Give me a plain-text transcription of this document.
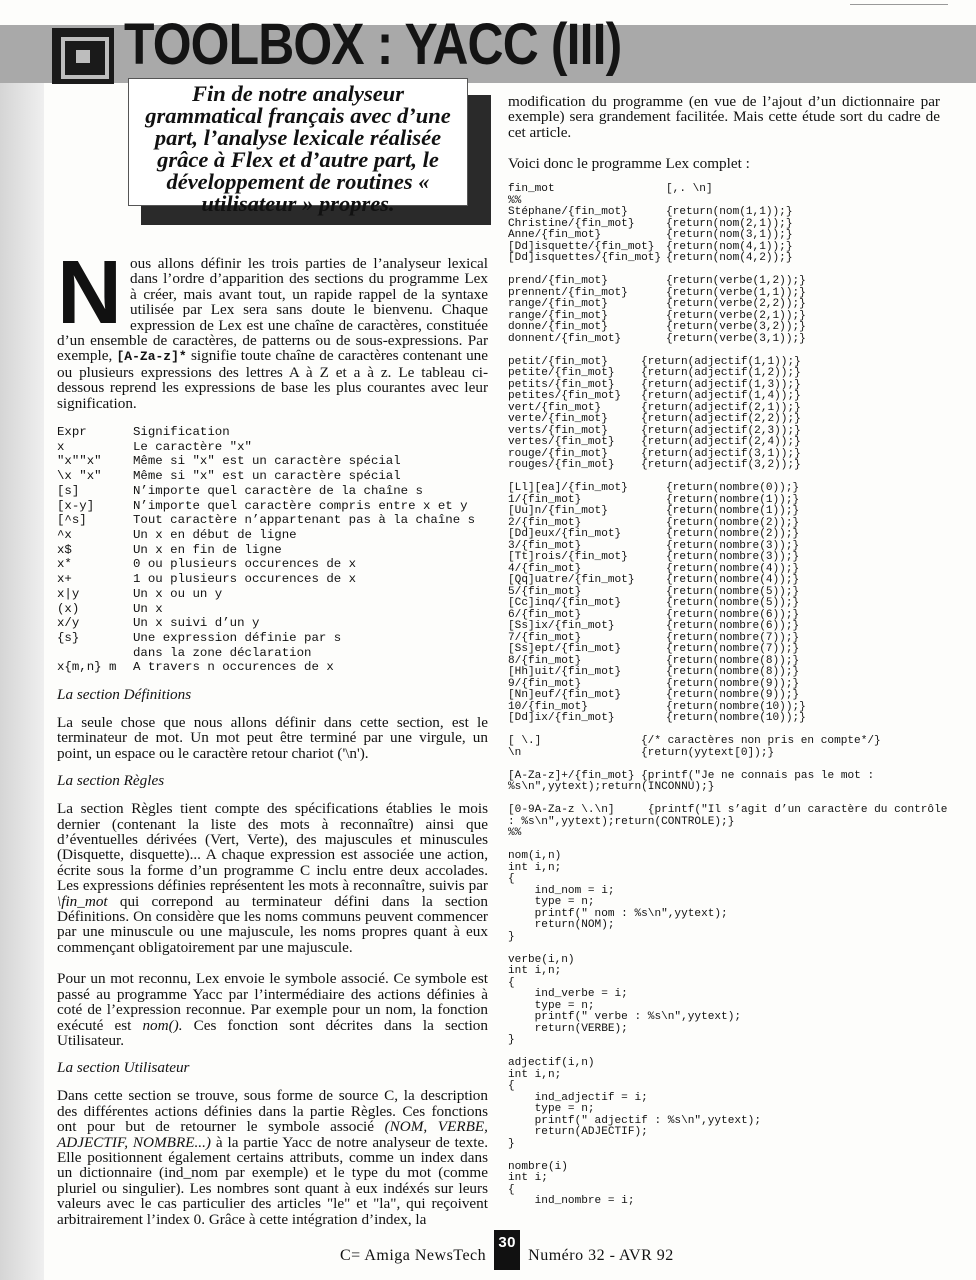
TOOLBOX : YACC (III)
Fin de notre analyseur grammatical français avec d’une part, l’analyse lexicale réalisée grâce à Flex et d’autre part, le développement de routines « utilisateur » propres.

Nous allons définir les trois parties de l’analyseur lexical dans l’ordre d’apparition des sections du programme Lex à créer, mais avant tout, un rapide rappel de la syntaxe utilisée par Lex sera sans doute le bienvenu. Chaque expression de Lex est une chaîne de caractères, constituée d’un ensemble de caractères, de patterns ou de sous-expressions. Par exemple, [A-Za-z]* signifie toute chaîne de caractères contenant une ou plusieurs expressions des lettres A à Z et a à z. Le tableau ci-dessous reprend les expressions de base les plus courantes avec leur signification.

Expr	Signification
x	Le caractère "x"
"x""x"	Même si "x" est un caractère spécial
\x "x"	Même si "x" est un caractère spécial
[s]	N’importe quel caractère de la chaîne s
[x-y]	N’importe quel caractère compris entre x et y
[^s]	Tout caractère n’appartenant pas à la chaîne s
^x	Un x en début de ligne
x$	Un x en fin de ligne
x*	0 ou plusieurs occurences de x
x+	1 ou plusieurs occurences de x
x|y	Un x ou un y
(x)	Un x
x/y	Un x suivi d’un y
{s}	Une expression définie par s
dans la zone déclaration
x{m,n} m	A travers n occurences de x
La section Définitions

La seule chose que nous allons définir dans cette section, est le terminateur de mot. Un mot peut être terminé par une virgule, un point, un espace ou le caractère retour chariot ('\n').

La section Règles

La section Règles tient compte des spécifications établies le mois dernier (contenant la liste des mots à reconnaître) ainsi que d’éventuelles dérivées (Vert, Verte), des majuscules et minuscules (Disquette, disquette)... A chaque expression est associée une action, écrite sous la forme d’un programme C inclu entre deux accolades. Les expressions définies représentent les mots à reconnaître, suivis par \fin_mot qui correpond au terminateur défini dans la section Définitions. On considère que les noms communs peuvent commencer par une minuscule ou une majuscule, les noms propres quant à eux commençant obligatoirement par une majuscule.

Pour un mot reconnu, Lex envoie le symbole associé. Ce symbole est passé au programme Yacc par l’intermédiaire des actions définies à coté de l’expression reconnue. Par exemple pour un nom, la fonction exécuté est nom(). Ces fonction sont décrites dans la section Utilisateur.

La section Utilisateur

Dans cette section se trouve, sous forme de source C, la description des différentes actions définies dans la partie Règles. Ces fonctions ont pour but de retourner le symbole associé (NOM, VERBE, ADJECTIF, NOMBRE...) à la partie Yacc de notre analyseur de texte. Elle positionnent également certains attributs, comme un index dans un dictionnaire (ind_nom par exemple) et le type du mot (comme pluriel ou singulier). Les nombres sont quant à eux indéxés sur leurs valeurs avec le cas particulier des articles "le" et "la", qui reçoivent arbitrairement l’index 0. Grâce à cette intégration d’index, la

modification du programme (en vue de l’ajout d’un dictionnaire par exemple) sera grandement facilitée. Mais cette étude sort du cadre de cet article.

Voici donc le programme Lex complet :

fin_mot	[,. \n]
%%
Stéphane/{fin_mot}	{return(nom(1,1));}
Christine/{fin_mot}	{return(nom(2,1));}
Anne/{fin_mot}	{return(nom(3,1));}
[Dd]isquette/{fin_mot}	{return(nom(4,1));}
[Dd]isquettes/{fin_mot} {return(nom(4,2));}
prend/{fin_mot}	{return(verbe(1,2));}
prennent/{fin_mot}	{return(verbe(1,1));}
range/{fin_mot}	{return(verbe(2,2));}
range/{fin_mot}	{return(verbe(2,1));}
donne/{fin_mot}	{return(verbe(3,2));}
donnent/{fin_mot}	{return(verbe(3,1));}
petit/{fin_mot}	{return(adjectif(1,1));}
petite/{fin_mot}	{return(adjectif(1,2));}
petits/{fin_mot}	{return(adjectif(1,3));}
petites/{fin_mot}	{return(adjectif(1,4));}
vert/{fin_mot}	{return(adjectif(2,1));}
verte/{fin_mot}	{return(adjectif(2,2));}
verts/{fin_mot}	{return(adjectif(2,3));}
vertes/{fin_mot}	{return(adjectif(2,4));}
rouge/{fin_mot}	{return(adjectif(3,1));}
rouges/{fin_mot}	{return(adjectif(3,2));}
[Ll][ea]/{fin_mot}	{return(nombre(0));}
1/{fin_mot}	{return(nombre(1));}
[Uu]n/{fin_mot}	{return(nombre(1));}
2/{fin_mot}	{return(nombre(2));}
[Dd]eux/{fin_mot}	{return(nombre(2));}
3/{fin_mot}	{return(nombre(3));}
[Tt]rois/{fin_mot}	{return(nombre(3));}
4/{fin_mot}	{return(nombre(4));}
[Qq]uatre/{fin_mot}	{return(nombre(4));}
5/{fin_mot}	{return(nombre(5));}
[Cc]inq/{fin_mot}	{return(nombre(5));}
6/{fin_mot}	{return(nombre(6));}
[Ss]ix/{fin_mot}	{return(nombre(6));}
7/{fin_mot}	{return(nombre(7));}
[Ss]ept/{fin_mot}	{return(nombre(7));}
8/{fin_mot}	{return(nombre(8));}
[Hh]uit/{fin_mot}	{return(nombre(8));}
9/{fin_mot}	{return(nombre(9));}
[Nn]euf/{fin_mot}	{return(nombre(9));}
10/{fin_mot}	{return(nombre(10));}
[Dd]ix/{fin_mot}	{return(nombre(10));}
[ \.]	{/* caractères non pris en compte*/}
\n	{return(yytext[0]);}
[A-Za-z]+/{fin_mot} {printf("Je ne connais pas le mot :
%s\n",yytext);return(INCONNU);}
[0-9A-Za-z \.\n]     {printf("Il s’agit d’un caractère du contrôle
: %s\n",yytext);return(CONTROLE);}
%%
nom(i,n)
int i,n;
{
ind_nom = i;
type = n;
printf(" nom : %s\n",yytext);
return(NOM);
}
verbe(i,n)
int i,n;
{
ind_verbe = i;
type = n;
printf(" verbe : %s\n",yytext);
return(VERBE);
}
adjectif(i,n)
int i,n;
{
ind_adjectif = i;
type = n;
printf(" adjectif : %s\n",yytext);
return(ADJECTIF);
}
nombre(i)
int i;
{
ind_nombre = i;
C= Amiga NewsTech
30
Numéro 32 - AVR 92
